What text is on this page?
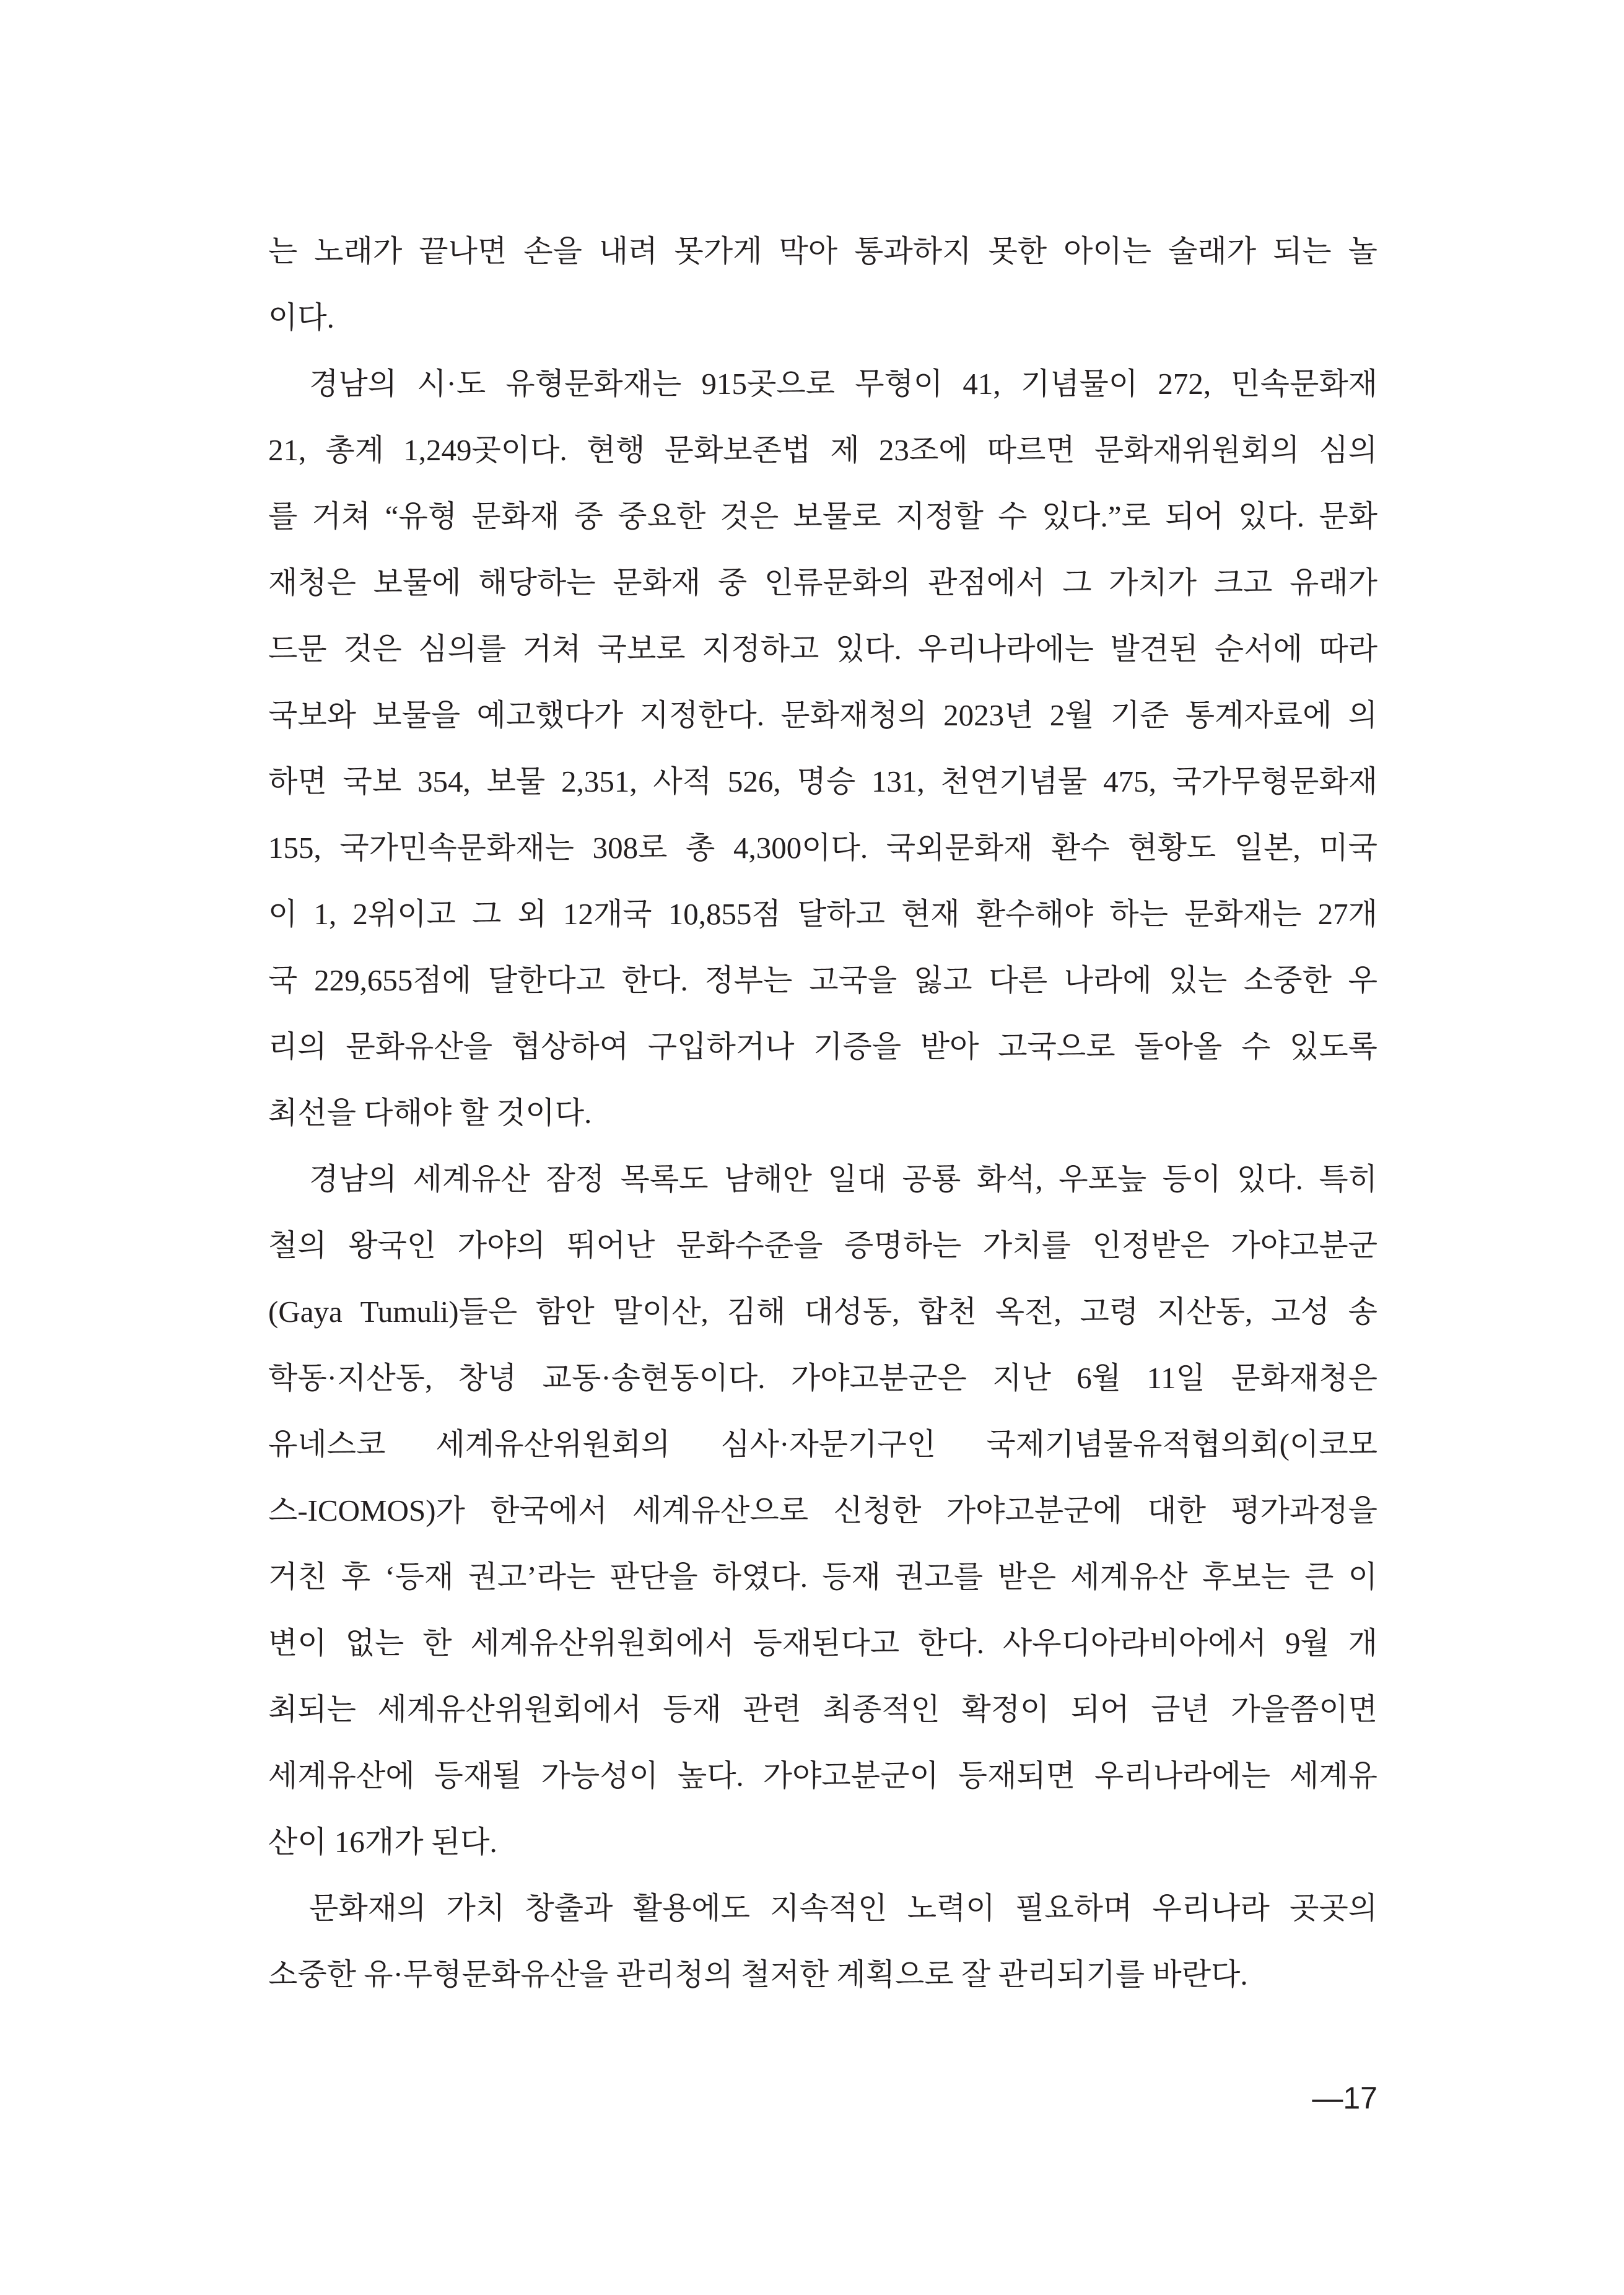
는 노래가 끝나면 손을 내려 못가게 막아 통과하지 못한 아이는 술래가 되는 놀
이다.
경남의 시·도 유형문화재는 915곳으로 무형이 41, 기념물이 272, 민속문화재
21, 총계 1,249곳이다. 현행 문화보존법 제 23조에 따르면 문화재위원회의 심의
를 거쳐 “유형 문화재 중 중요한 것은 보물로 지정할 수 있다.”로 되어 있다. 문화
재청은 보물에 해당하는 문화재 중 인류문화의 관점에서 그 가치가 크고 유래가
드문 것은 심의를 거쳐 국보로 지정하고 있다. 우리나라에는 발견된 순서에 따라
국보와 보물을 예고했다가 지정한다. 문화재청의 2023년 2월 기준 통계자료에 의
하면 국보 354, 보물 2,351, 사적 526, 명승 131, 천연기념물 475, 국가무형문화재
155, 국가민속문화재는 308로 총 4,300이다. 국외문화재 환수 현황도 일본, 미국
이 1, 2위이고 그 외 12개국 10,855점 달하고 현재 환수해야 하는 문화재는 27개
국 229,655점에 달한다고 한다. 정부는 고국을 잃고 다른 나라에 있는 소중한 우
리의 문화유산을 협상하여 구입하거나 기증을 받아 고국으로 돌아올 수 있도록
최선을 다해야 할 것이다.
경남의 세계유산 잠정 목록도 남해안 일대 공룡 화석, 우포늪 등이 있다. 특히
철의 왕국인 가야의 뛰어난 문화수준을 증명하는 가치를 인정받은 가야고분군
(Gaya Tumuli)들은 함안 말이산, 김해 대성동, 합천 옥전, 고령 지산동, 고성 송
학동·지산동, 창녕 교동·송현동이다. 가야고분군은 지난 6월 11일 문화재청은
유네스코 세계유산위원회의 심사·자문기구인 국제기념물유적협의회(이코모
스-ICOMOS)가 한국에서 세계유산으로 신청한 가야고분군에 대한 평가과정을
거친 후 ‘등재 권고’라는 판단을 하였다. 등재 권고를 받은 세계유산 후보는 큰 이
변이 없는 한 세계유산위원회에서 등재된다고 한다. 사우디아라비아에서 9월 개
최되는 세계유산위원회에서 등재 관련 최종적인 확정이 되어 금년 가을쯤이면
세계유산에 등재될 가능성이 높다. 가야고분군이 등재되면 우리나라에는 세계유
산이 16개가 된다.
문화재의 가치 창출과 활용에도 지속적인 노력이 필요하며 우리나라 곳곳의
소중한 유·무형문화유산을 관리청의 철저한 계획으로 잘 관리되기를 바란다.
—17
